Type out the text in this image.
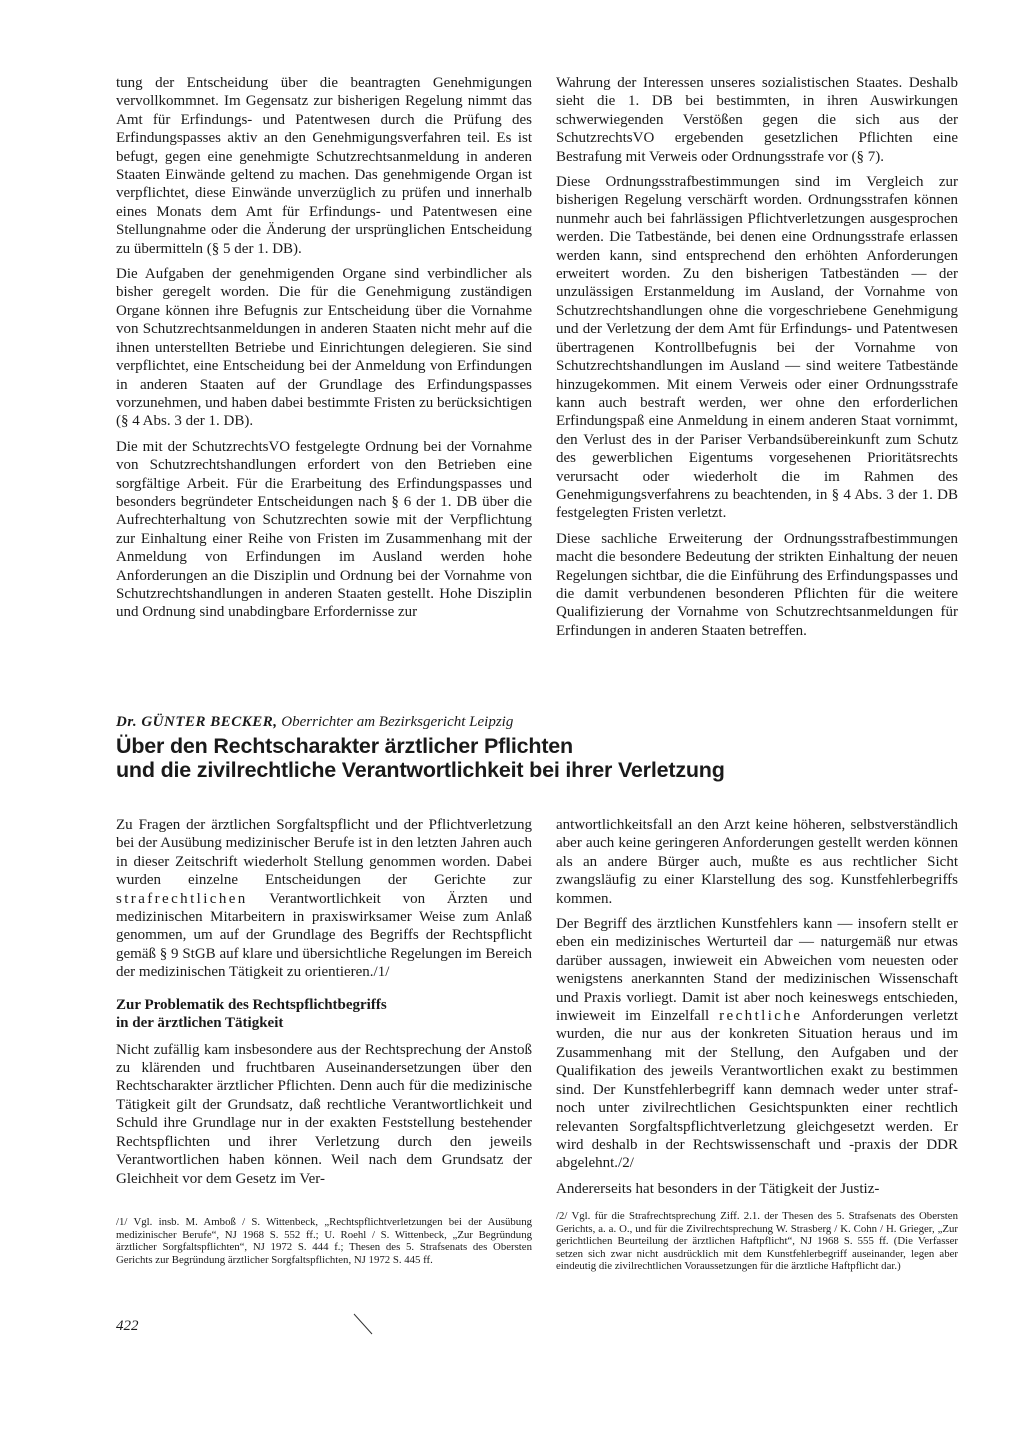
tung der Entscheidung über die beantragten Genehmigungen vervollkommnet. Im Gegensatz zur bisherigen Regelung nimmt das Amt für Erfindungs- und Patentwesen durch die Prüfung des Erfindungspasses aktiv an den Genehmigungsverfahren teil. Es ist befugt, gegen eine genehmigte Schutzrechtsanmeldung in anderen Staaten Einwände geltend zu machen. Das genehmigende Organ ist verpflichtet, diese Einwände unverzüglich zu prüfen und innerhalb eines Monats dem Amt für Erfindungs- und Patentwesen eine Stellungnahme oder die Änderung der ursprünglichen Entscheidung zu übermitteln (§ 5 der 1. DB).

Die Aufgaben der genehmigenden Organe sind verbindlicher als bisher geregelt worden. Die für die Genehmigung zuständigen Organe können ihre Befugnis zur Entscheidung über die Vornahme von Schutzrechtsanmeldungen in anderen Staaten nicht mehr auf die ihnen unterstellten Betriebe und Einrichtungen delegieren. Sie sind verpflichtet, eine Entscheidung bei der Anmeldung von Erfindungen in anderen Staaten auf der Grundlage des Erfindungspasses vorzunehmen, und haben dabei bestimmte Fristen zu berücksichtigen (§ 4 Abs. 3 der 1. DB).

Die mit der SchutzrechtsVO festgelegte Ordnung bei der Vornahme von Schutzrechtshandlungen erfordert von den Betrieben eine sorgfältige Arbeit. Für die Erarbeitung des Erfindungspasses und besonders begründeter Entscheidungen nach § 6 der 1. DB über die Aufrechterhaltung von Schutzrechten sowie mit der Verpflichtung zur Einhaltung einer Reihe von Fristen im Zusammenhang mit der Anmeldung von Erfindungen im Ausland werden hohe Anforderungen an die Disziplin und Ordnung bei der Vornahme von Schutzrechtshandlungen in anderen Staaten gestellt. Hohe Disziplin und Ordnung sind unabdingbare Erfordernisse zur

Wahrung der Interessen unseres sozialistischen Staates. Deshalb sieht die 1. DB bei bestimmten, in ihren Auswirkungen schwerwiegenden Verstößen gegen die sich aus der SchutzrechtsVO ergebenden gesetzlichen Pflichten eine Bestrafung mit Verweis oder Ordnungsstrafe vor (§ 7).

Diese Ordnungsstrafbestimmungen sind im Vergleich zur bisherigen Regelung verschärft worden. Ordnungsstrafen können nunmehr auch bei fahrlässigen Pflichtverletzungen ausgesprochen werden. Die Tatbestände, bei denen eine Ordnungsstrafe erlassen werden kann, sind entsprechend den erhöhten Anforderungen erweitert worden. Zu den bisherigen Tatbeständen — der unzulässigen Erstanmeldung im Ausland, der Vornahme von Schutzrechtshandlungen ohne die vorgeschriebene Genehmigung und der Verletzung der dem Amt für Erfindungs- und Patentwesen übertragenen Kontrollbefugnis bei der Vornahme von Schutzrechtshandlungen im Ausland — sind weitere Tatbestände hinzugekommen. Mit einem Verweis oder einer Ordnungsstrafe kann auch bestraft werden, wer ohne den erforderlichen Erfindungspaß eine Anmeldung in einem anderen Staat vornimmt, den Verlust des in der Pariser Verbandsübereinkunft zum Schutz des gewerblichen Eigentums vorgesehenen Prioritätsrechts verursacht oder wiederholt die im Rahmen des Genehmigungsverfahrens zu beachtenden, in § 4 Abs. 3 der 1. DB festgelegten Fristen verletzt.

Diese sachliche Erweiterung der Ordnungsstrafbestimmungen macht die besondere Bedeutung der strikten Einhaltung der neuen Regelungen sichtbar, die die Einführung des Erfindungspasses und die damit verbundenen besonderen Pflichten für die weitere Qualifizierung der Vornahme von Schutzrechtsanmeldungen für Erfindungen in anderen Staaten betreffen.

Dr. GÜNTER BECKER, Oberrichter am Bezirksgericht Leipzig
Über den Rechtscharakter ärztlicher Pflichten
und die zivilrechtliche Verantwortlichkeit bei ihrer Verletzung

Zu Fragen der ärztlichen Sorgfaltspflicht und der Pflichtverletzung bei der Ausübung medizinischer Berufe ist in den letzten Jahren auch in dieser Zeitschrift wiederholt Stellung genommen worden. Dabei wurden einzelne Entscheidungen der Gerichte zur strafrechtlichen Verantwortlichkeit von Ärzten und medizinischen Mitarbeitern in praxiswirksamer Weise zum Anlaß genommen, um auf der Grundlage des Begriffs der Rechtspflicht gemäß § 9 StGB auf klare und übersichtliche Regelungen im Bereich der medizinischen Tätigkeit zu orientieren./1/

Zur Problematik des Rechtspflichtbegriffs
in der ärztlichen Tätigkeit

Nicht zufällig kam insbesondere aus der Rechtsprechung der Anstoß zu klärenden und fruchtbaren Auseinandersetzungen über den Rechtscharakter ärztlicher Pflichten. Denn auch für die medizinische Tätigkeit gilt der Grundsatz, daß rechtliche Verantwortlichkeit und Schuld ihre Grundlage nur in der exakten Feststellung bestehender Rechtspflichten und ihrer Verletzung durch den jeweils Verantwortlichen haben können. Weil nach dem Grundsatz der Gleichheit vor dem Gesetz im Ver-

antwortlichkeitsfall an den Arzt keine höheren, selbstverständlich aber auch keine geringeren Anforderungen gestellt werden können als an andere Bürger auch, mußte es aus rechtlicher Sicht zwangsläufig zu einer Klarstellung des sog. Kunstfehlerbegriffs kommen.

Der Begriff des ärztlichen Kunstfehlers kann — insofern stellt er eben ein medizinisches Werturteil dar — naturgemäß nur etwas darüber aussagen, inwieweit ein Abweichen vom neuesten oder wenigstens anerkannten Stand der medizinischen Wissenschaft und Praxis vorliegt. Damit ist aber noch keineswegs entschieden, inwieweit im Einzelfall rechtliche Anforderungen verletzt wurden, die nur aus der konkreten Situation heraus und im Zusammenhang mit der Stellung, den Aufgaben und der Qualifikation des jeweils Verantwortlichen exakt zu bestimmen sind. Der Kunstfehlerbegriff kann demnach weder unter straf- noch unter zivilrechtlichen Gesichtspunkten einer rechtlich relevanten Sorgfaltspflichtverletzung gleichgesetzt werden. Er wird deshalb in der Rechtswissenschaft und -praxis der DDR abgelehnt./2/

Andererseits hat besonders in der Tätigkeit der Justiz-

/1/ Vgl. insb. M. Amboß / S. Wittenbeck, „Rechtspflichtverletzungen bei der Ausübung medizinischer Berufe“, NJ 1968 S. 552 ff.; U. Roehl / S. Wittenbeck, „Zur Begründung ärztlicher Sorgfaltspflichten“, NJ 1972 S. 444 f.; Thesen des 5. Strafsenats des Obersten Gerichts zur Begründung ärztlicher Sorgfaltspflichten, NJ 1972 S. 445 ff.

/2/ Vgl. für die Strafrechtsprechung Ziff. 2.1. der Thesen des 5. Strafsenats des Obersten Gerichts, a. a. O., und für die Zivilrechtsprechung W. Strasberg / K. Cohn / H. Grieger, „Zur gerichtlichen Beurteilung der ärztlichen Haftpflicht“, NJ 1968 S. 555 ff. (Die Verfasser setzen sich zwar nicht ausdrücklich mit dem Kunstfehlerbegriff auseinander, legen aber eindeutig die zivilrechtlichen Voraussetzungen für die ärztliche Haftpflicht dar.)

422
